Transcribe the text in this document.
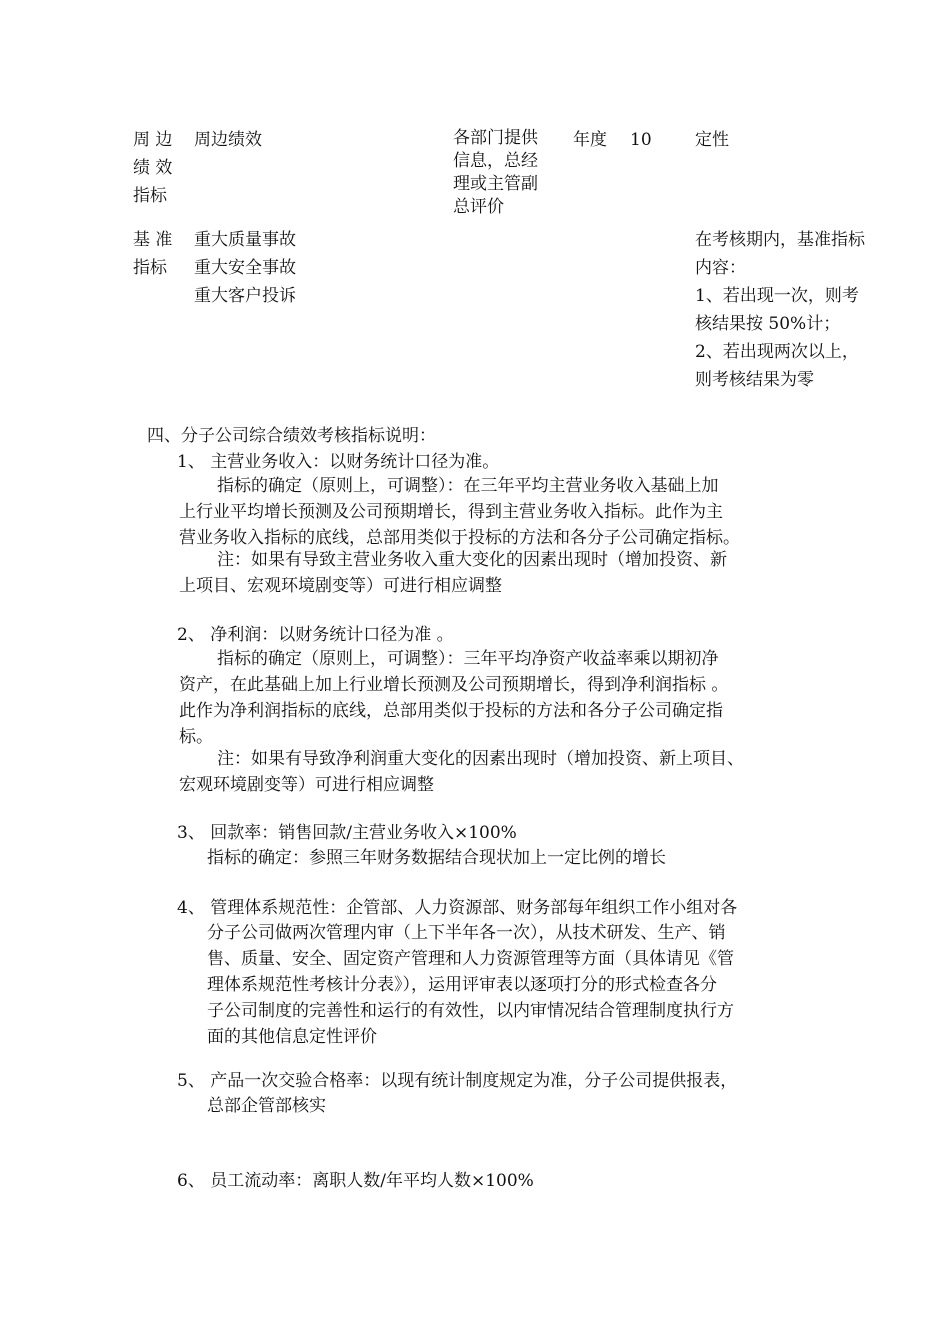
周 边
绩 效
指标
周边绩效	各部门提供
信息，总经
理或主管副
总评价
年度 10	定性
基 准
指标
重大质量事故
重大安全事故
重大客户投诉
在考核期内，基准指标
内容：
1、若出现一次，则考
核结果按 50%计；
2、若出现两次以上，
则考核结果为零
四、分子公司综合绩效考核指标说明：
1、 主营业务收入：以财务统计口径为准。
指标的确定（原则上，可调整）：在三年平均主营业务收入基础上加
上行业平均增长预测及公司预期增长，得到主营业务收入指标。此作为主
营业务收入指标的底线，总部用类似于投标的方法和各分子公司确定指标。
注：如果有导致主营业务收入重大变化的因素出现时（增加投资、新
上项目、宏观环境剧变等）可进行相应调整
2、 净利润：以财务统计口径为准 。
指标的确定（原则上，可调整）：三年平均净资产收益率乘以期初净
资产，在此基础上加上行业增长预测及公司预期增长，得到净利润指标 。
此作为净利润指标的底线，总部用类似于投标的方法和各分子公司确定指
标。
注：如果有导致净利润重大变化的因素出现时（增加投资、新上项目、
宏观环境剧变等）可进行相应调整
3、 回款率：销售回款/主营业务收入×100%
指标的确定：参照三年财务数据结合现状加上一定比例的增长
4、 管理体系规范性：企管部、人力资源部、财务部每年组织工作小组对各
分子公司做两次管理内审（上下半年各一次），从技术研发、生产、销
售、质量、安全、固定资产管理和人力资源管理等方面（具体请见《管
理体系规范性考核计分表》），运用评审表以逐项打分的形式检查各分
子公司制度的完善性和运行的有效性，以内审情况结合管理制度执行方
面的其他信息定性评价
5、 产品一次交验合格率：以现有统计制度规定为准，分子公司提供报表，
总部企管部核实
6、 员工流动率：离职人数/年平均人数×100%
